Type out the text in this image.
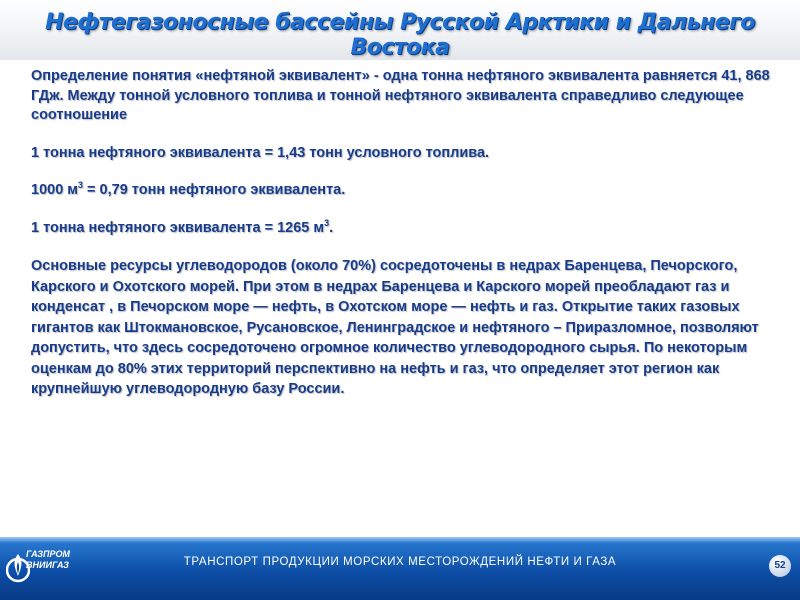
Нефтегазоносные бассейны Русской Арктики и Дальнего Востока

Определение понятия «нефтяной эквивалент» - одна тонна нефтяного эквивалента равняется 41, 868 ГДж. Между тонной условного топлива и тонной нефтяного эквивалента справедливо следующее соотношение

1 тонна нефтяного эквивалента = 1,43 тонн условного топлива.

1000 $м^3 = 0,79$ тонн нефтяного эквивалента.

1 тонна нефтяного эквивалента = 1265 $м^3$.

Основные ресурсы углеводородов (около 70%) сосредоточены в недрах Баренцева, Печорского, Карского и Охотского морей. При этом в недрах Баренцева и Карского морей преобладают газ и конденсат , в Печорском море — нефть, в Охотском море — нефть и газ. Открытие таких газовых гигантов как Штокмановское, Русановское, Ленинградское и нефтяного – Приразломное, позволяют допустить, что здесь сосредоточено огромное количество углеводородного сырья. По некоторым оценкам до 80% этих территорий перспективно на нефть и газ, что определяет этот регион как крупнейшую углеводородную базу России.

ГАЗПРОМ
ВНИИГАЗ	ТРАНСПОРТ ПРОДУКЦИИ МОРСКИХ МЕСТОРОЖДЕНИЙ НЕФТИ И ГАЗА	52
